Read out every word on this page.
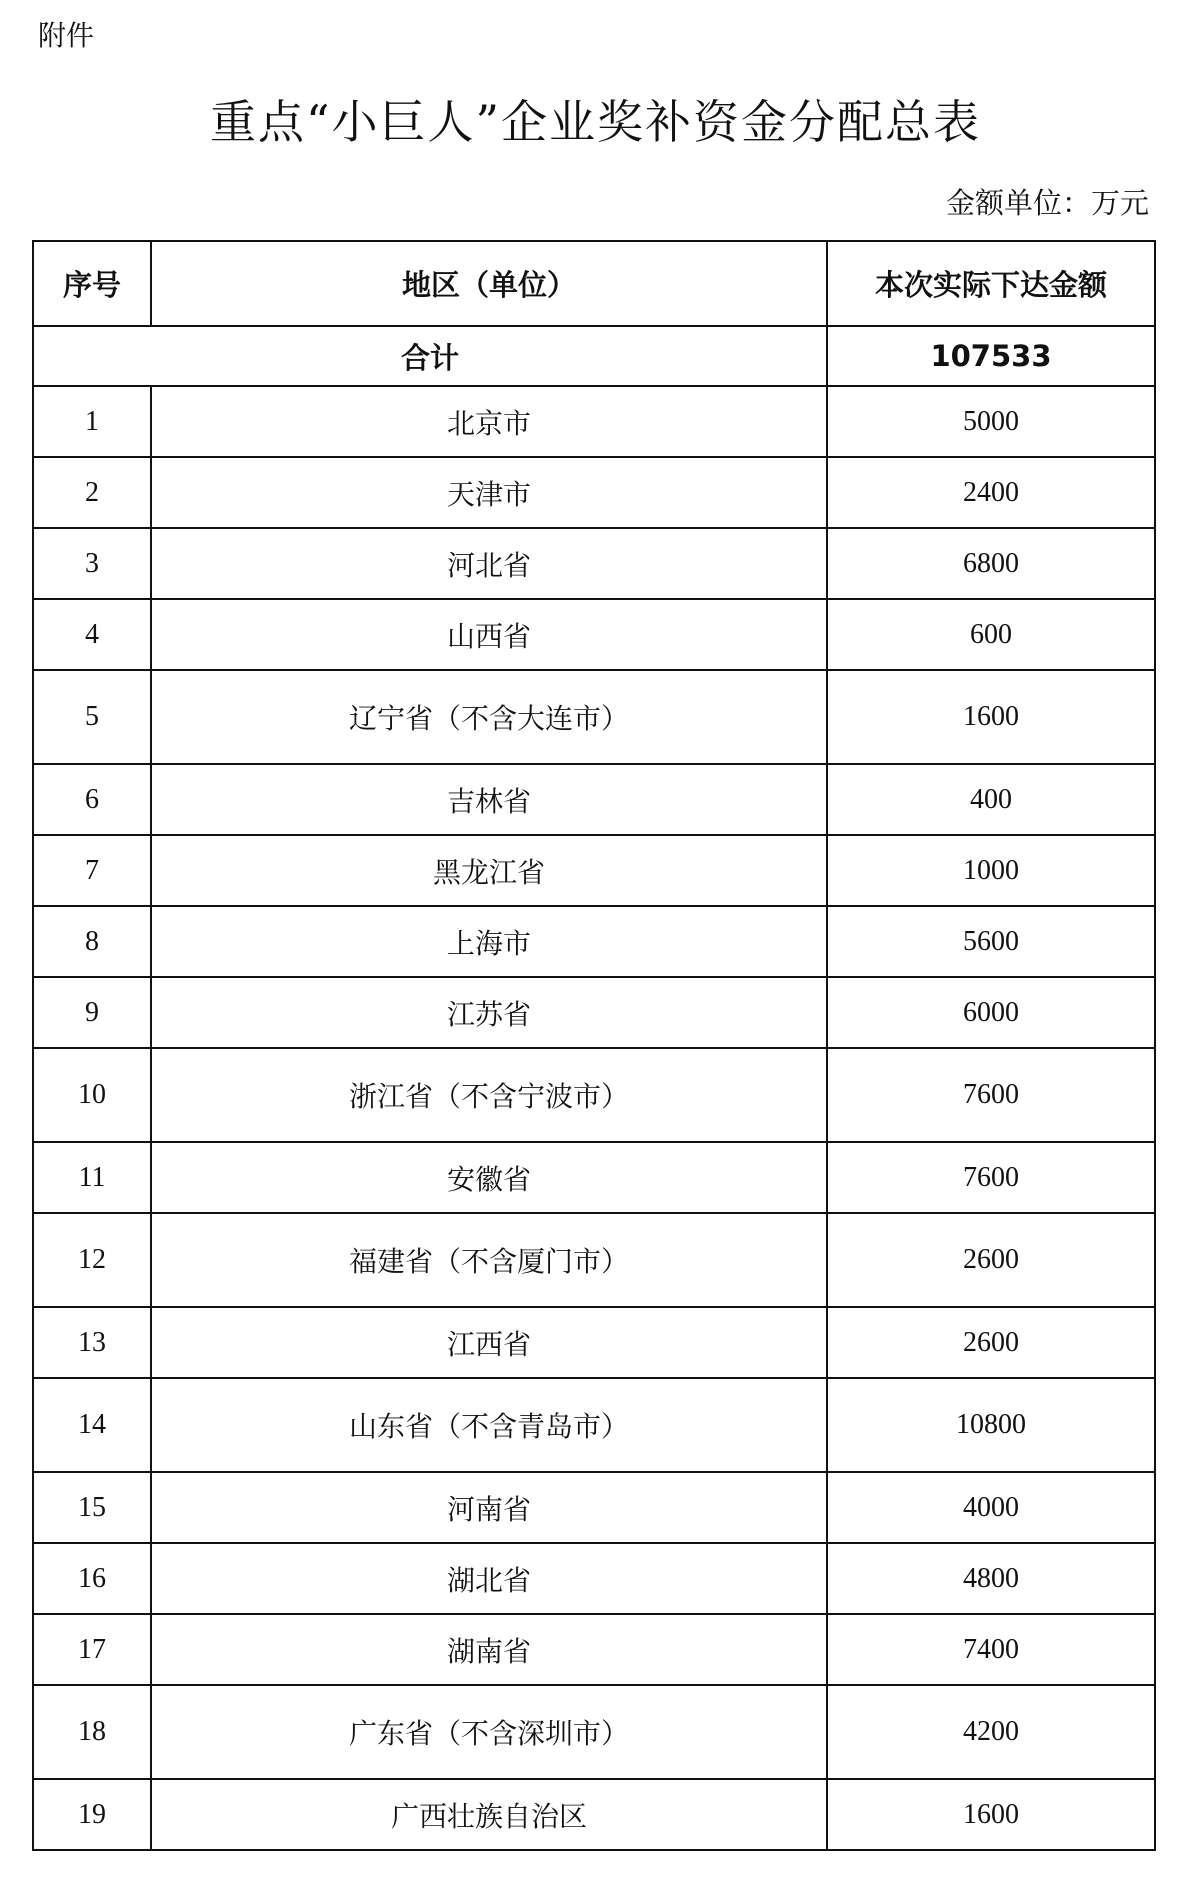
附件
重点“小巨人”企业奖补资金分配总表
金额单位：万元
序号	地区（单位）	本次实际下达金额
合计		107533
1	北京市	5000
2	天津市	2400
3	河北省	6800
4	山西省	600
5	辽宁省（不含大连市）	1600
6	吉林省	400
7	黑龙江省	1000
8	上海市	5600
9	江苏省	6000
10	浙江省（不含宁波市）	7600
11	安徽省	7600
12	福建省（不含厦门市）	2600
13	江西省	2600
14	山东省（不含青岛市）	10800
15	河南省	4000
16	湖北省	4800
17	湖南省	7400
18	广东省（不含深圳市）	4200
19	广西壮族自治区	1600
